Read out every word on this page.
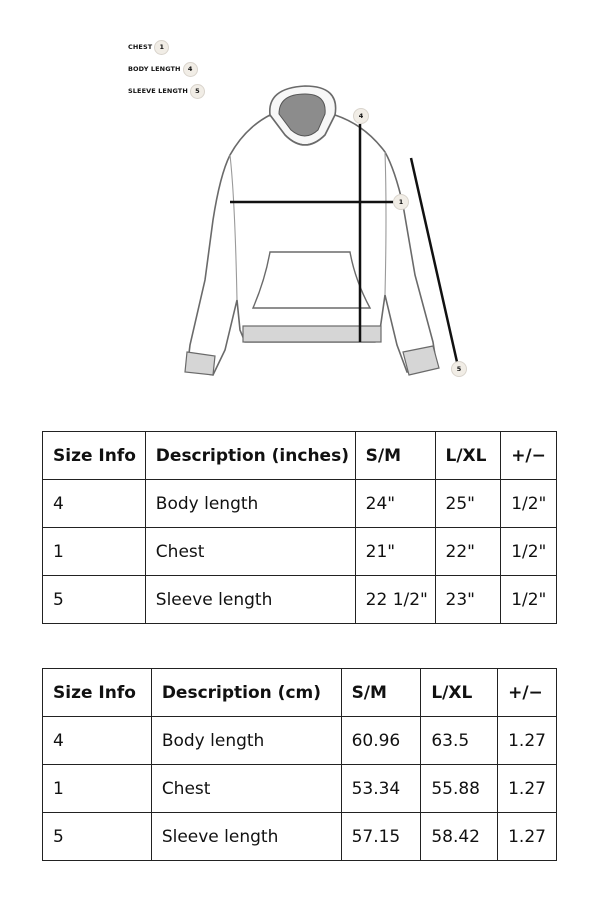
CHEST	1
BODY LENGTH	4
SLEEVE LENGTH	5
4
1
5
Size Info	Description (inches)	S/M	L/XL	+/−
4	Body length	24"	25"	1/2"
1	Chest	21"	22"	1/2"
5	Sleeve length	22 1/2"	23"	1/2"
Size Info	Description (cm)	S/M	L/XL	+/−
4	Body length	60.96	63.5	1.27
1	Chest	53.34	55.88	1.27
5	Sleeve length	57.15	58.42	1.27
